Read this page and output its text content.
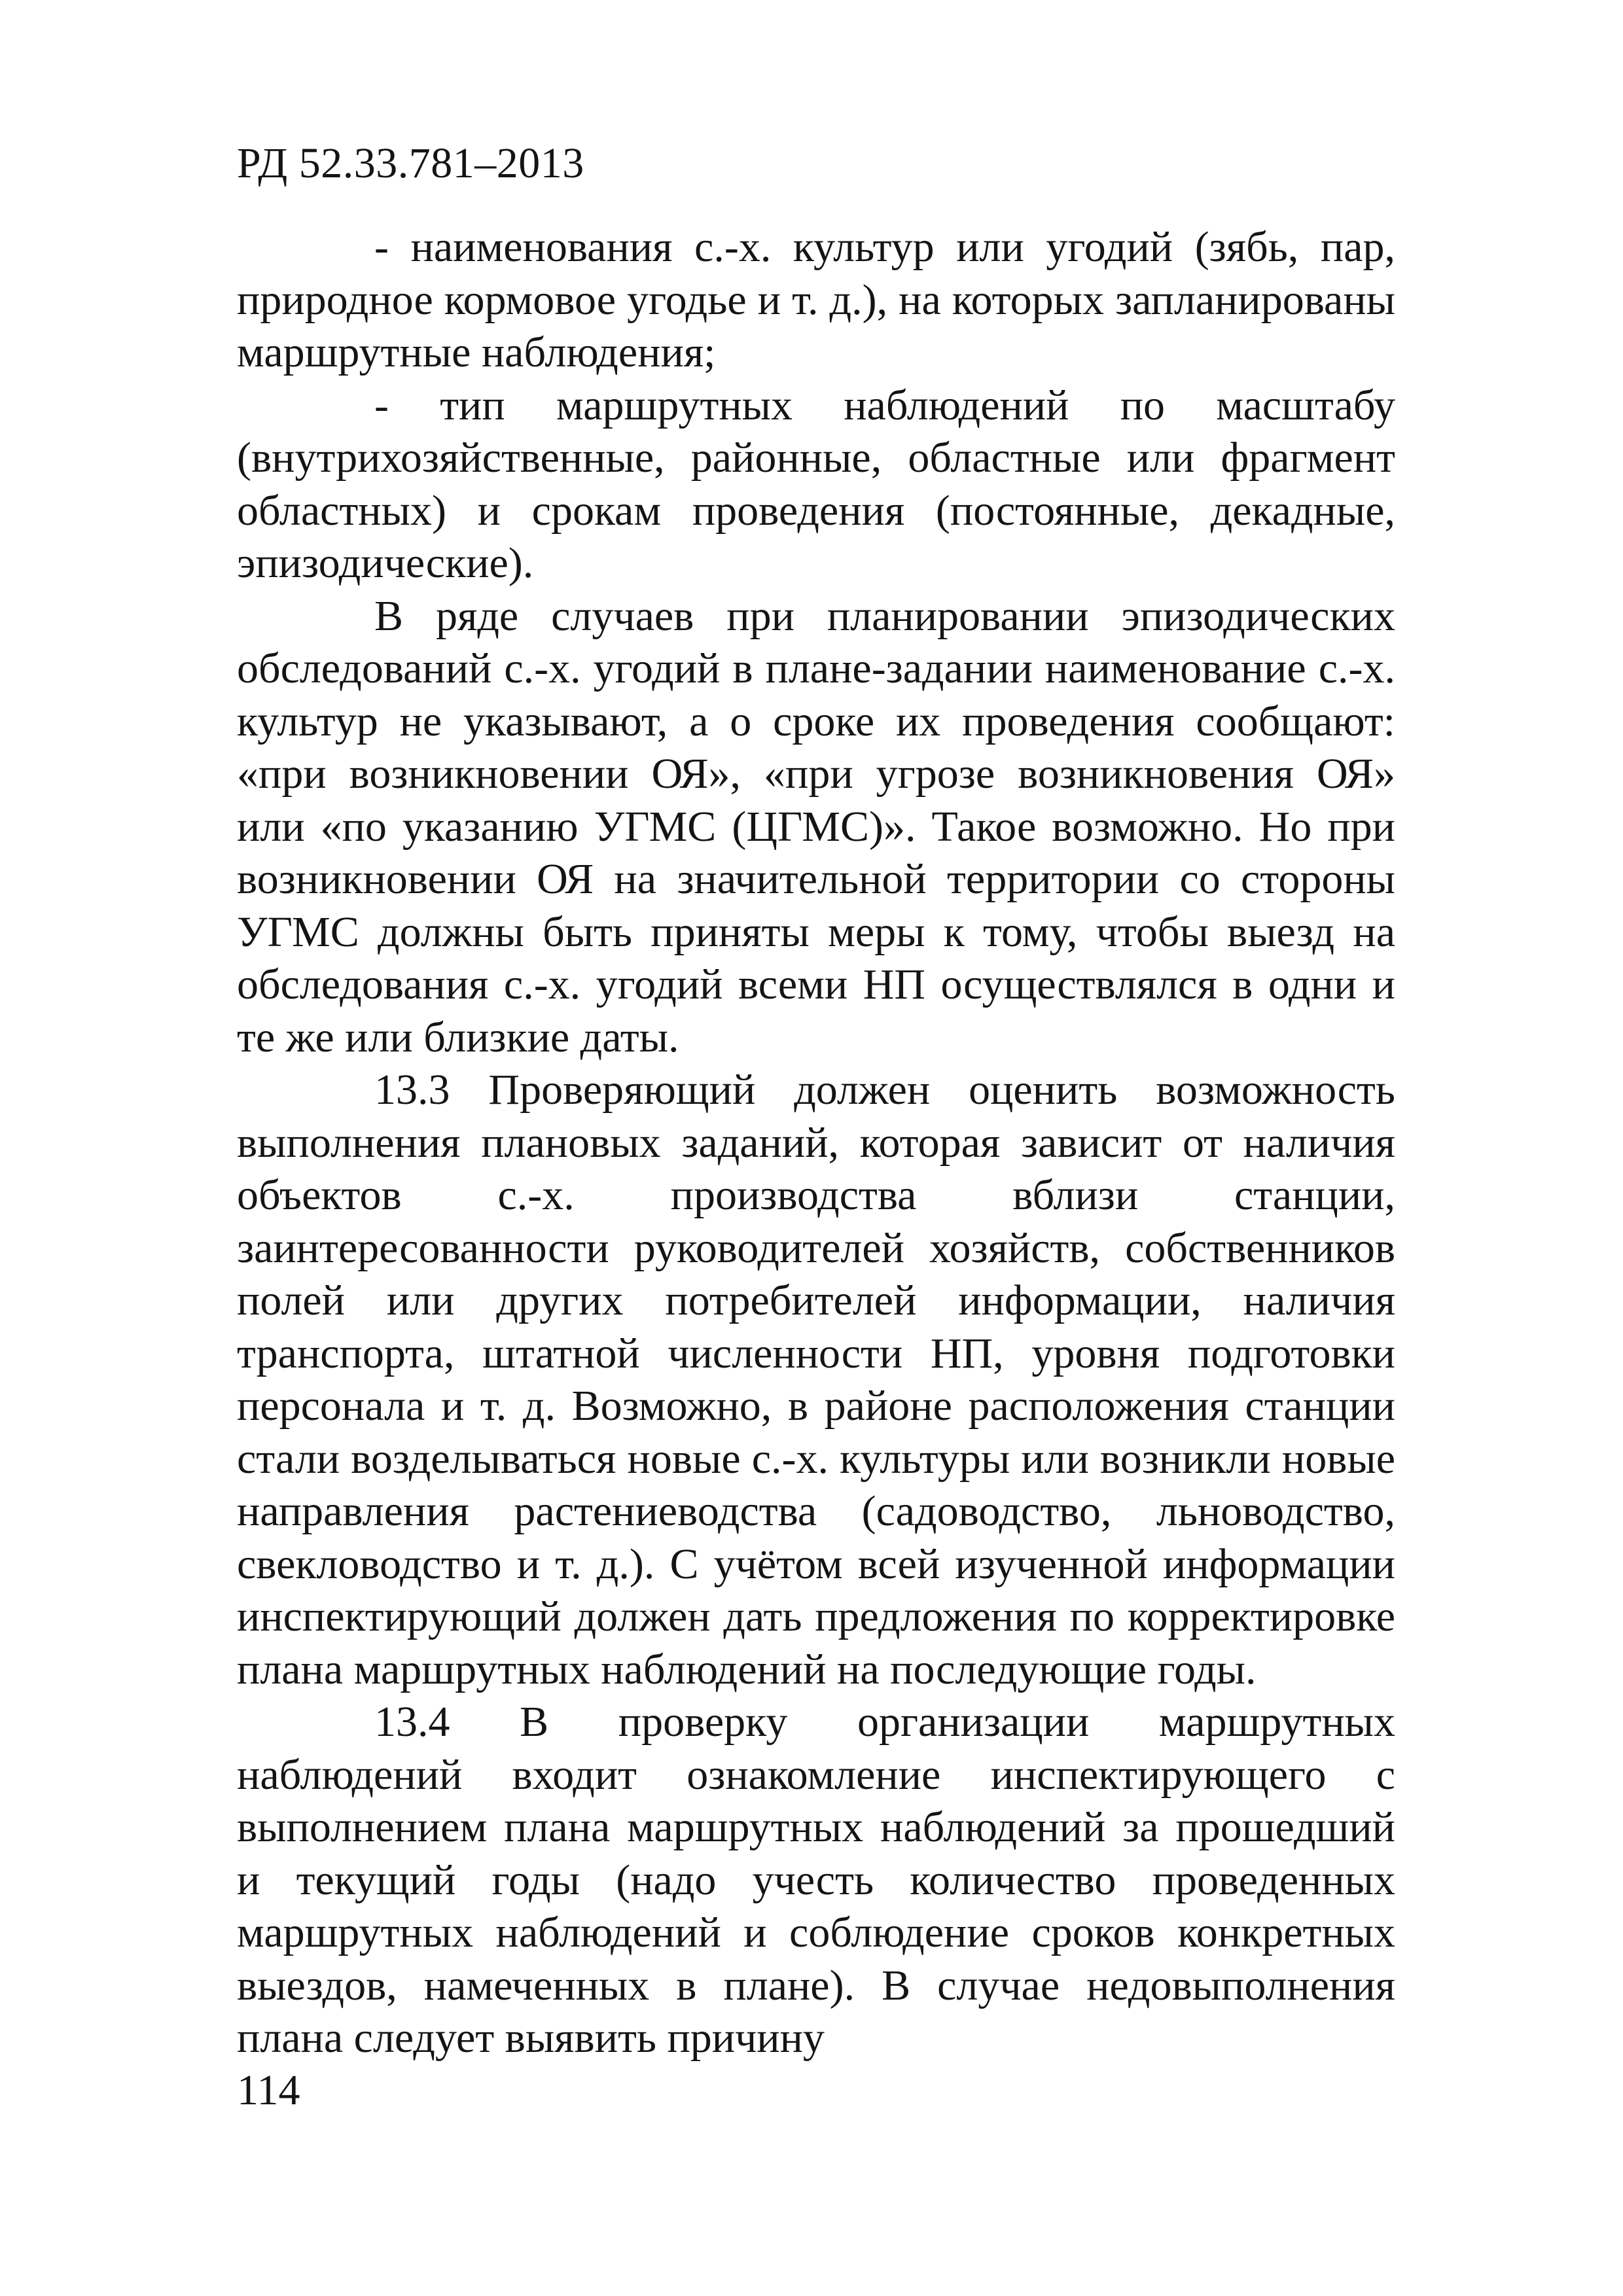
РД 52.33.781–2013

- наименования с.-х. культур или угодий (зябь, пар, природное кормовое угодье и т. д.), на которых запланированы маршрутные наблюдения;

- тип маршрутных наблюдений по масштабу (внутрихозяйственные, районные, областные или фрагмент областных) и срокам проведения (постоянные, декадные, эпизодические).

В ряде случаев при планировании эпизодических обследований с.-х. угодий в плане-задании наименование с.-х. культур не указывают, а о сроке их проведения сообщают: «при возникновении ОЯ», «при угрозе возникновения ОЯ» или «по указанию УГМС (ЦГМС)». Такое возможно. Но при возникновении ОЯ на значительной территории со стороны УГМС должны быть приняты меры к тому, чтобы выезд на обследования с.-х. угодий всеми НП осуществлялся в одни и те же или близкие даты.

13.3 Проверяющий должен оценить возможность выполнения плановых заданий, которая зависит от наличия объектов с.-х. производства вблизи станции, заинтересованности руководителей хозяйств, собственников полей или других потребителей информации, наличия транспорта, штатной численности НП, уровня подготовки персонала и т. д. Возможно, в районе расположения станции стали возделываться новые с.-х. культуры или возникли новые направления растениеводства (садоводство, льноводство, свекловодство и т. д.). С учётом всей изученной информации инспектирующий должен дать предложения по корректировке плана маршрутных наблюдений на последующие годы.

13.4 В проверку организации маршрутных наблюдений входит ознакомление инспектирующего с выполнением плана маршрутных наблюдений за прошедший и текущий годы (надо учесть количество проведенных маршрутных наблюдений и соблюдение сроков конкретных выездов, намеченных в плане). В случае недовыполнения плана следует выявить причину

114
